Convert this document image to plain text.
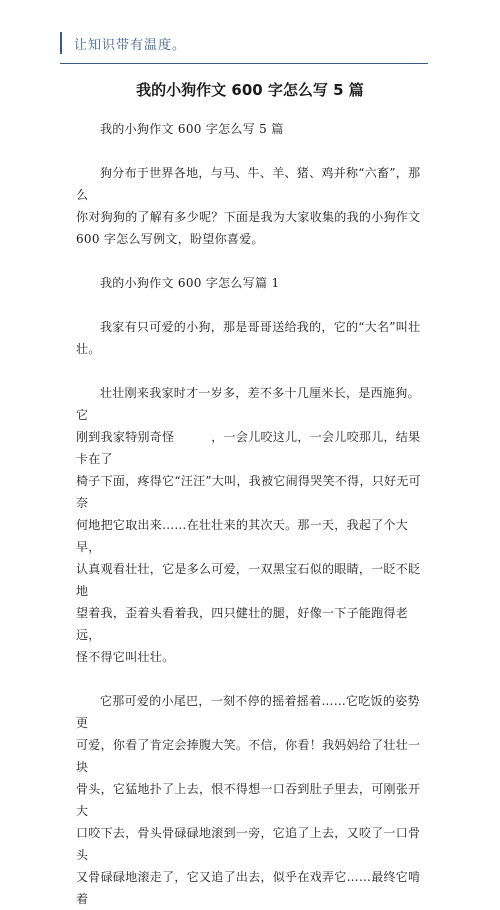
让知识带有温度。
我的小狗作文 600 字怎么写 5 篇

我的小狗作文 600 字怎么写 5 篇

狗分布于世界各地，与马、牛、羊、猪、鸡并称“六畜”，那么
你对狗狗的了解有多少呢？下面是我为大家收集的我的小狗作文
600 字怎么写例文，盼望你喜爱。

我的小狗作文 600 字怎么写篇 1

我家有只可爱的小狗，那是哥哥送给我的，它的“大名”叫壮
壮。

壮壮刚来我家时才一岁多，差不多十几厘米长，是西施狗。它
刚到我家特别奇怪　　　，一会儿咬这儿，一会儿咬那儿，结果卡在了
椅子下面，疼得它“汪汪”大叫，我被它闹得哭笑不得，只好无可奈
何地把它取出来……在壮壮来的其次天。那一天，我起了个大早，
认真观看壮壮，它是多么可爱，一双黑宝石似的眼睛，一眨不眨地
望着我，歪着头看着我，四只健壮的腿，好像一下子能跑得老远，
怪不得它叫壮壮。

它那可爱的小尾巴，一刻不停的摇着摇着……它吃饭的姿势更
可爱，你看了肯定会捧腹大笑。不信，你看！我妈妈给了壮壮一块
骨头，它猛地扑了上去，恨不得想一口吞到肚子里去，可刚张开大
口咬下去，骨头骨碌碌地滚到一旁，它追了上去，又咬了一口骨头
又骨碌碌地滚走了，它又追了出去，似乎在戏弄它……最终它啃着
